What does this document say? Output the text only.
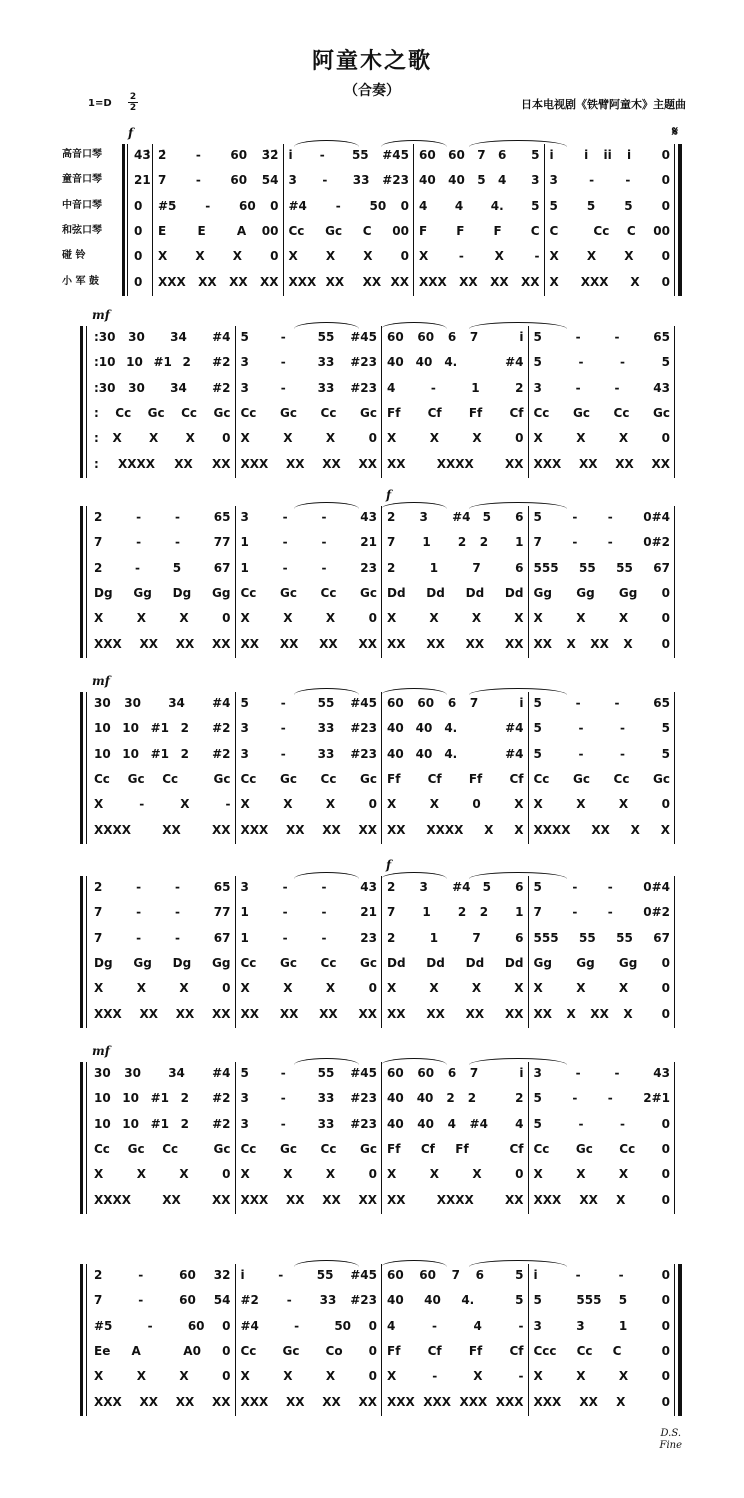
阿童木之歌
（合奏）
1=D
2
2	日本电视剧《铁臂阿童木》主题曲
高音口琴	4̇3̇ 2̇  -  60 3̇2̇ i  -  55 #45 60 60 7 6  5 i  i ii i  0
童音口琴	21 7  -  60 54 3  -  33 #23 40 40 5 4  3 3  -  -  0
中音口琴	0	#5  -  60 0 #4  -  50 0 4  4  4.  5 5  5  5  0
和弦口琴	0	E  E  A 00 Cc Gc C 00 F  F  F  C C  Cc C 00
碰 铃	0	X  X  X  0 X  X  X  0 X  -  X  - X  X  X  0
小 军 鼓	0	XXX XX XX XX XXX XX  XX XX XXX XX XX XX X  XXX  X  0
f	𝄋
:30 30  34  #4 5  -  55 #45 60 60 6 7   i 5  -  -  65
:10 10 #1 2  #2 3  -  33 #23 40 40 4.    #4 5  -  -  5
:30 30  34  #2 3  -  33 #23 4  -  1  2 3  -  -  43
: Cc Gc Cc Gc Cc Gc Cc Gc Ff Cf Ff Cf Cc Gc Cc Gc
: X  X  X  0 X  X  X  0 X  X  X  0 X  X  X  0
: XXXX XX XX XXX XX XX XX XX XXXX XX XXX XX XX XX
mf
2  -  -  65 3  -  -  43 2  3  #4 5  6 5  -  -  0#4
7  -  -  77 1  -  -  21 7  1  2 2  1 7  -  -  0#2
2  -  5  67 1  -  -  23 2  1  7  6 555 55 55 67
Dg Gg Dg Gg Cc Gc Cc Gc Dd Dd Dd Dd Gg Gg Gg 0
X  X  X  0 X  X  X  0 X  X  X  X X  X  X  0
XXX XX XX XX XX XX XX XX XX XX XX XX XX X XX X  0
f
30 30  34  #4 5  -  55 #45 60 60 6 7   i 5  -  -  65
10 10 #1 2  #2 3  -  33 #23 40 40 4.    #4 5  -  -  5
10 10 #1 2  #2 3  -  33 #23 40 40 4.    #4 5  -  -  5
Cc Gc Cc  Gc Cc Gc Cc Gc Ff Cf Ff Cf Cc Gc Cc Gc
X  -  X  - X  X  X  0 X  X  0  X X  X  X  0
XXXX XX XX XXX XX XX XX XX XXXX X X XXXX XX X X
mf
2  -  -  65 3  -  -  43 2  3  #4 5  6 5  -  -  0#4
7  -  -  77 1  -  -  21 7  1  2 2  1 7  -  -  0#2
7  -  -  67 1  -  -  23 2  1  7  6 555 55 55 67
Dg Gg Dg Gg Cc Gc Cc Gc Dd Dd Dd Dd Gg Gg Gg 0
X  X  X  0 X  X  X  0 X  X  X  X X  X  X  0
XXX XX XX XX XX XX XX XX XX XX XX XX XX X XX X  0
f
30 30  34  #4 5  -  55 #45 60 60 6 7   i 3  -  -  43
10 10 #1 2  #2 3  -  33 #23 40 40 2 2   2 5  -  -  2#1
10 10 #1 2  #2 3  -  33 #23 40 40 4 #4  4 5  -  -  0
Cc Gc Cc  Gc Cc Gc Cc Gc Ff Cf Ff  Cf Cc Gc Cc 0
X  X  X  0 X  X  X  0 X  X  X  0 X  X  X  0
XXXX XX XX XXX XX XX XX XX XXXX XX XXX XX X  0
mf
2  -  60 32 i  -  55 #45 60 60 7 6  5 i  -  -  0
7  -  60 54 #2  -  33 #23 40 40 4.  5 5  555 5  0
#5  -  60 0 #4  -  50 0 4  -  4  - 3  3  1  0
Ee A  A0 0 Cc Gc Co 0 Ff Cf Ff Cf Ccc Cc C  0
X  X  X  0 X  X  X  0 X  -  X  - X  X  X  0
XXX XX XX XX XXX XX XX XX XXX XXX XXX XXX XXX XX X  0
D.S.
Fine
